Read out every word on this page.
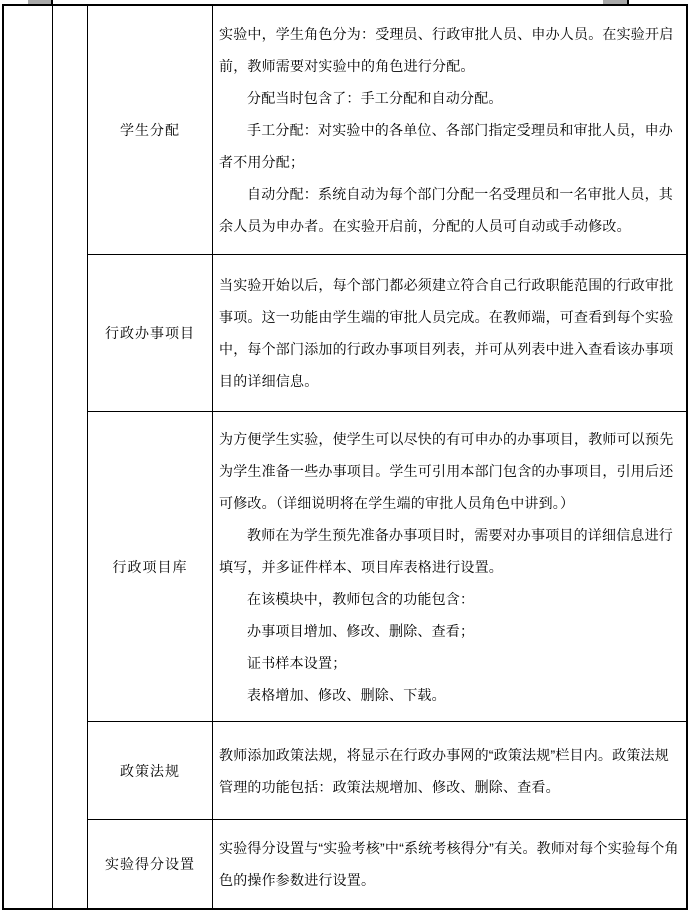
学生分配

实验中，学生角色分为：受理员、行政审批人员、申办人员。在实验开启前，教师需要对实验中的角色进行分配。

分配当时包含了：手工分配和自动分配。

手工分配：对实验中的各单位、各部门指定受理员和审批人员，申办者不用分配；

自动分配：系统自动为每个部门分配一名受理员和一名审批人员，其余人员为申办者。在实验开启前，分配的人员可自动或手动修改。

行政办事项目

当实验开始以后，每个部门都必须建立符合自己行政职能范围的行政审批事项。这一功能由学生端的审批人员完成。在教师端，可查看到每个实验中，每个部门添加的行政办事项目列表，并可从列表中进入查看该办事项目的详细信息。

行政项目库

为方便学生实验，使学生可以尽快的有可申办的办事项目，教师可以预先为学生准备一些办事项目。学生可引用本部门包含的办事项目，引用后还可修改。（详细说明将在学生端的审批人员角色中讲到。）

教师在为学生预先准备办事项目时，需要对办事项目的详细信息进行填写，并多证件样本、项目库表格进行设置。

在该模块中，教师包含的功能包含：

办事项目增加、修改、删除、查看；

证书样本设置；

表格增加、修改、删除、下载。

政策法规

教师添加政策法规，将显示在行政办事网的“政策法规”栏目内。政策法规管理的功能包括：政策法规增加、修改、删除、查看。

实验得分设置

实验得分设置与“实验考核”中“系统考核得分”有关。教师对每个实验每个角色的操作参数进行设置。
